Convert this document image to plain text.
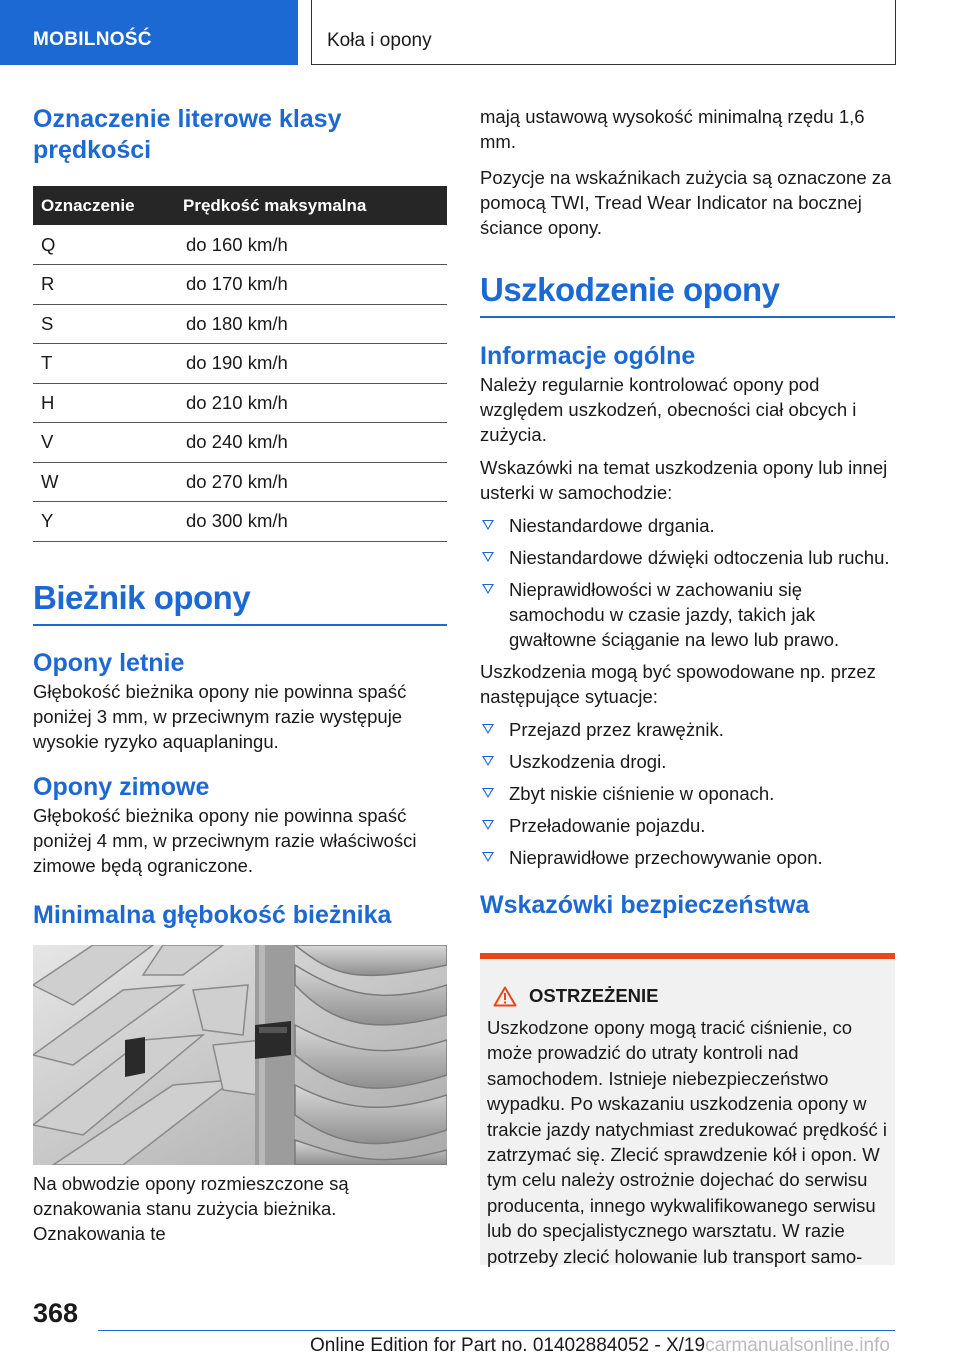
MOBILNOŚĆ	Koła i opony
Oznaczenie literowe klasy prędkości
Oznaczenie	Prędkość maksymalna
Q	do 160 km/h
R	do 170 km/h
S	do 180 km/h
T	do 190 km/h
H	do 210 km/h
V	do 240 km/h
W	do 270 km/h
Y	do 300 km/h
Bieżnik opony
Opony letnie

Głębokość bieżnika opony nie powinna spaść poniżej 3 mm, w przeciwnym razie występuje wysokie ryzyko aquaplaningu.

Opony zimowe

Głębokość bieżnika opony nie powinna spaść poniżej 4 mm, w przeciwnym razie właściwości zimowe będą ograniczone.

Minimalna głębokość bieżnika

Na obwodzie opony rozmieszczone są oznakowania stanu zużycia bieżnika. Oznakowania te

mają ustawową wysokość minimalną rzędu 1,6 mm.

Pozycje na wskaźnikach zużycia są oznaczone za pomocą TWI, Tread Wear Indicator na bocznej ściance opony.

Uszkodzenie opony
Informacje ogólne

Należy regularnie kontrolować opony pod względem uszkodzeń, obecności ciał obcych i zużycia.

Wskazówki na temat uszkodzenia opony lub innej usterki w samochodzie:

Niestandardowe drgania.
Niestandardowe dźwięki odtoczenia lub ruchu.
Nieprawidłowości w zachowaniu się samochodu w czasie jazdy, takich jak gwałtowne ściąganie na lewo lub prawo.

Uszkodzenia mogą być spowodowane np. przez następujące sytuacje:

Przejazd przez krawężnik.
Uszkodzenia drogi.
Zbyt niskie ciśnienie w oponach.
Przeładowanie pojazdu.
Nieprawidłowe przechowywanie opon.
Wskazówki bezpieczeństwa
OSTRZEŻENIE

Uszkodzone opony mogą tracić ciśnienie, co może prowadzić do utraty kontroli nad samochodem. Istnieje niebezpieczeństwo wypadku. Po wskazaniu uszkodzenia opony w trakcie jazdy natychmiast zredukować prędkość i zatrzymać się. Zlecić sprawdzenie kół i opon. W tym celu należy ostrożnie dojechać do serwisu producenta, innego wykwalifikowanego serwisu lub do specjalistycznego warsztatu. W razie potrzeby zlecić holowanie lub transport samo-

368
Online Edition for Part no. 01402884052 - X/19carmanualsonline.info
